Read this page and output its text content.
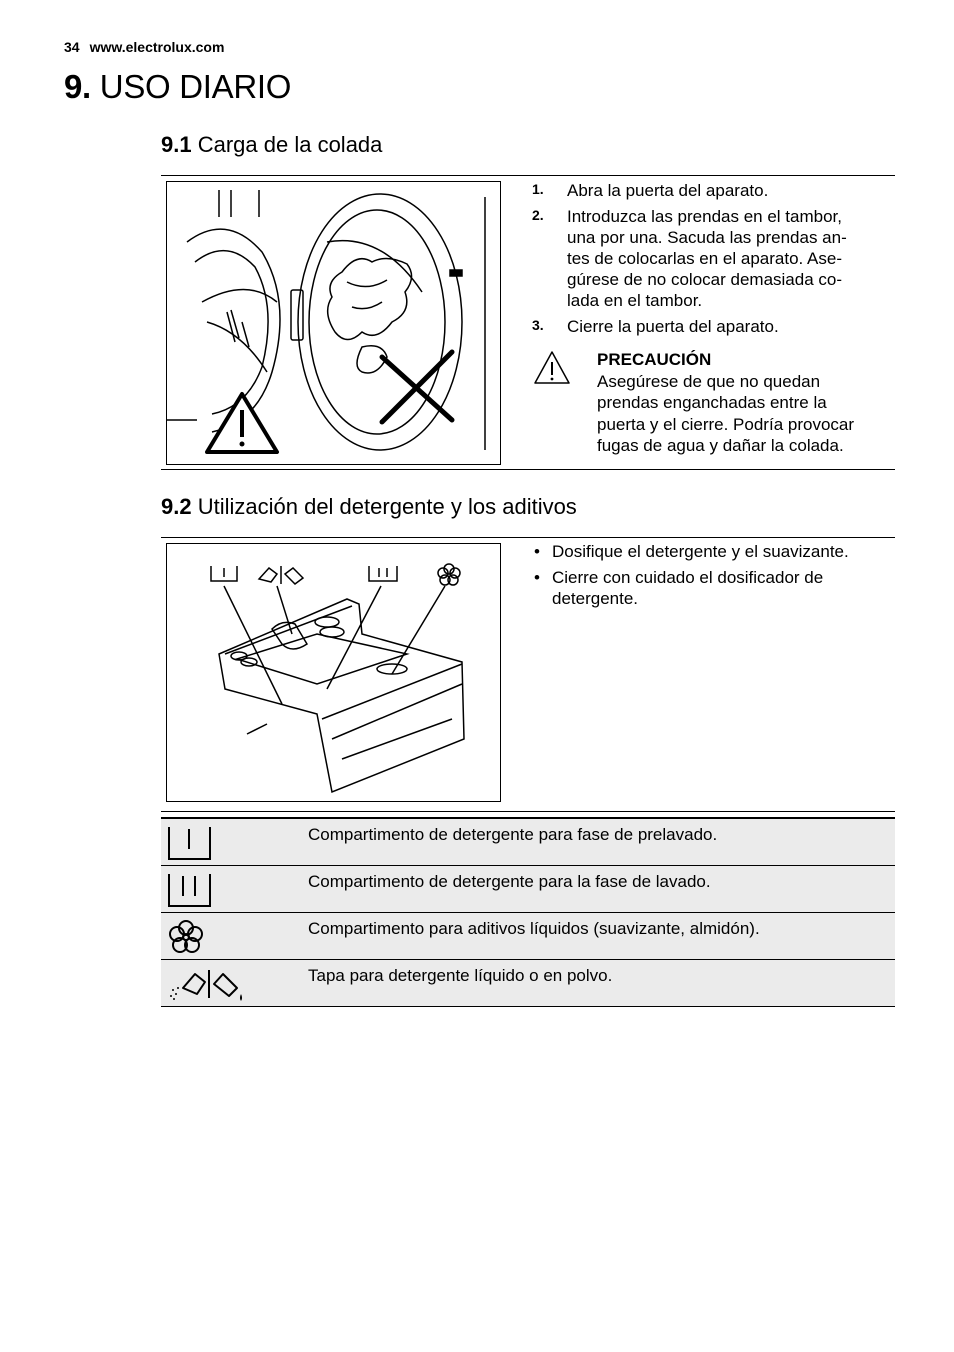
34 www.electrolux.com
9. USO DIARIO
9.1 Carga de la colada
1. Abra la puerta del aparato.
2. Introduzca las prendas en el tambor,
una por una. Sacuda las prendas an-
tes de colocarlas en el aparato. Ase-
gúrese de no colocar demasiada co-
lada en el tambor.
3. Cierre la puerta del aparato.
PRECAUCIÓN
Asegúrese de que no quedan
prendas enganchadas entre la
puerta y el cierre. Podría provocar
fugas de agua y dañar la colada.
9.2 Utilización del detergente y los aditivos
• Dosifique el detergente y el suavizante.
• Cierre con cuidado el dosificador de
detergente.
Compartimento de detergente para fase de prelavado.
Compartimento de detergente para la fase de lavado.
Compartimento para aditivos líquidos (suavizante, almidón).
Tapa para detergente líquido o en polvo.
